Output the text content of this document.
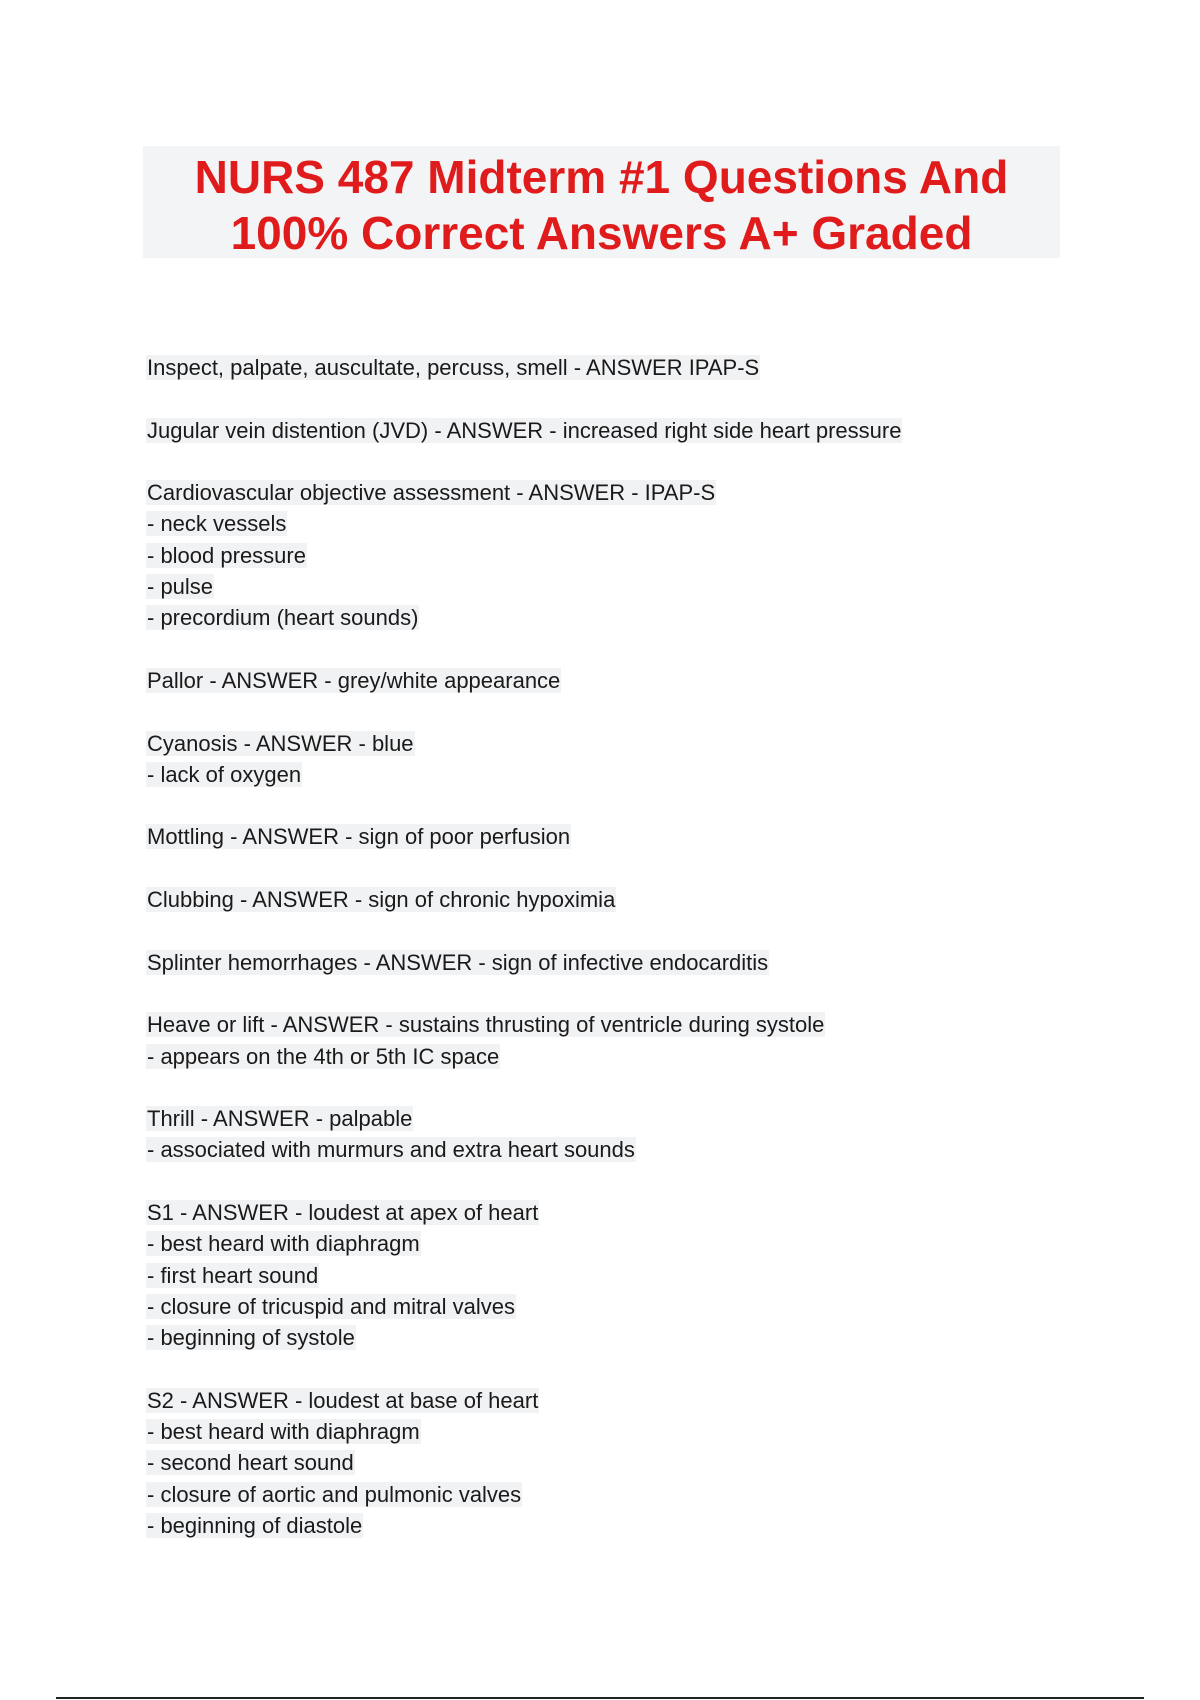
NURS 487 Midterm #1 Questions And
100% Correct Answers A+ Graded
Inspect, palpate, auscultate, percuss, smell - ANSWER IPAP-S
Jugular vein distention (JVD) - ANSWER - increased right side heart pressure
Cardiovascular objective assessment - ANSWER - IPAP-S
- neck vessels
- blood pressure
- pulse
- precordium (heart sounds)
Pallor - ANSWER - grey/white appearance
Cyanosis - ANSWER - blue
- lack of oxygen
Mottling - ANSWER - sign of poor perfusion
Clubbing - ANSWER - sign of chronic hypoximia
Splinter hemorrhages - ANSWER - sign of infective endocarditis
Heave or lift - ANSWER - sustains thrusting of ventricle during systole
- appears on the 4th or 5th IC space
Thrill - ANSWER - palpable
- associated with murmurs and extra heart sounds
S1 - ANSWER - loudest at apex of heart
- best heard with diaphragm
- first heart sound
- closure of tricuspid and mitral valves
- beginning of systole
S2 - ANSWER - loudest at base of heart
- best heard with diaphragm
- second heart sound
- closure of aortic and pulmonic valves
- beginning of diastole
